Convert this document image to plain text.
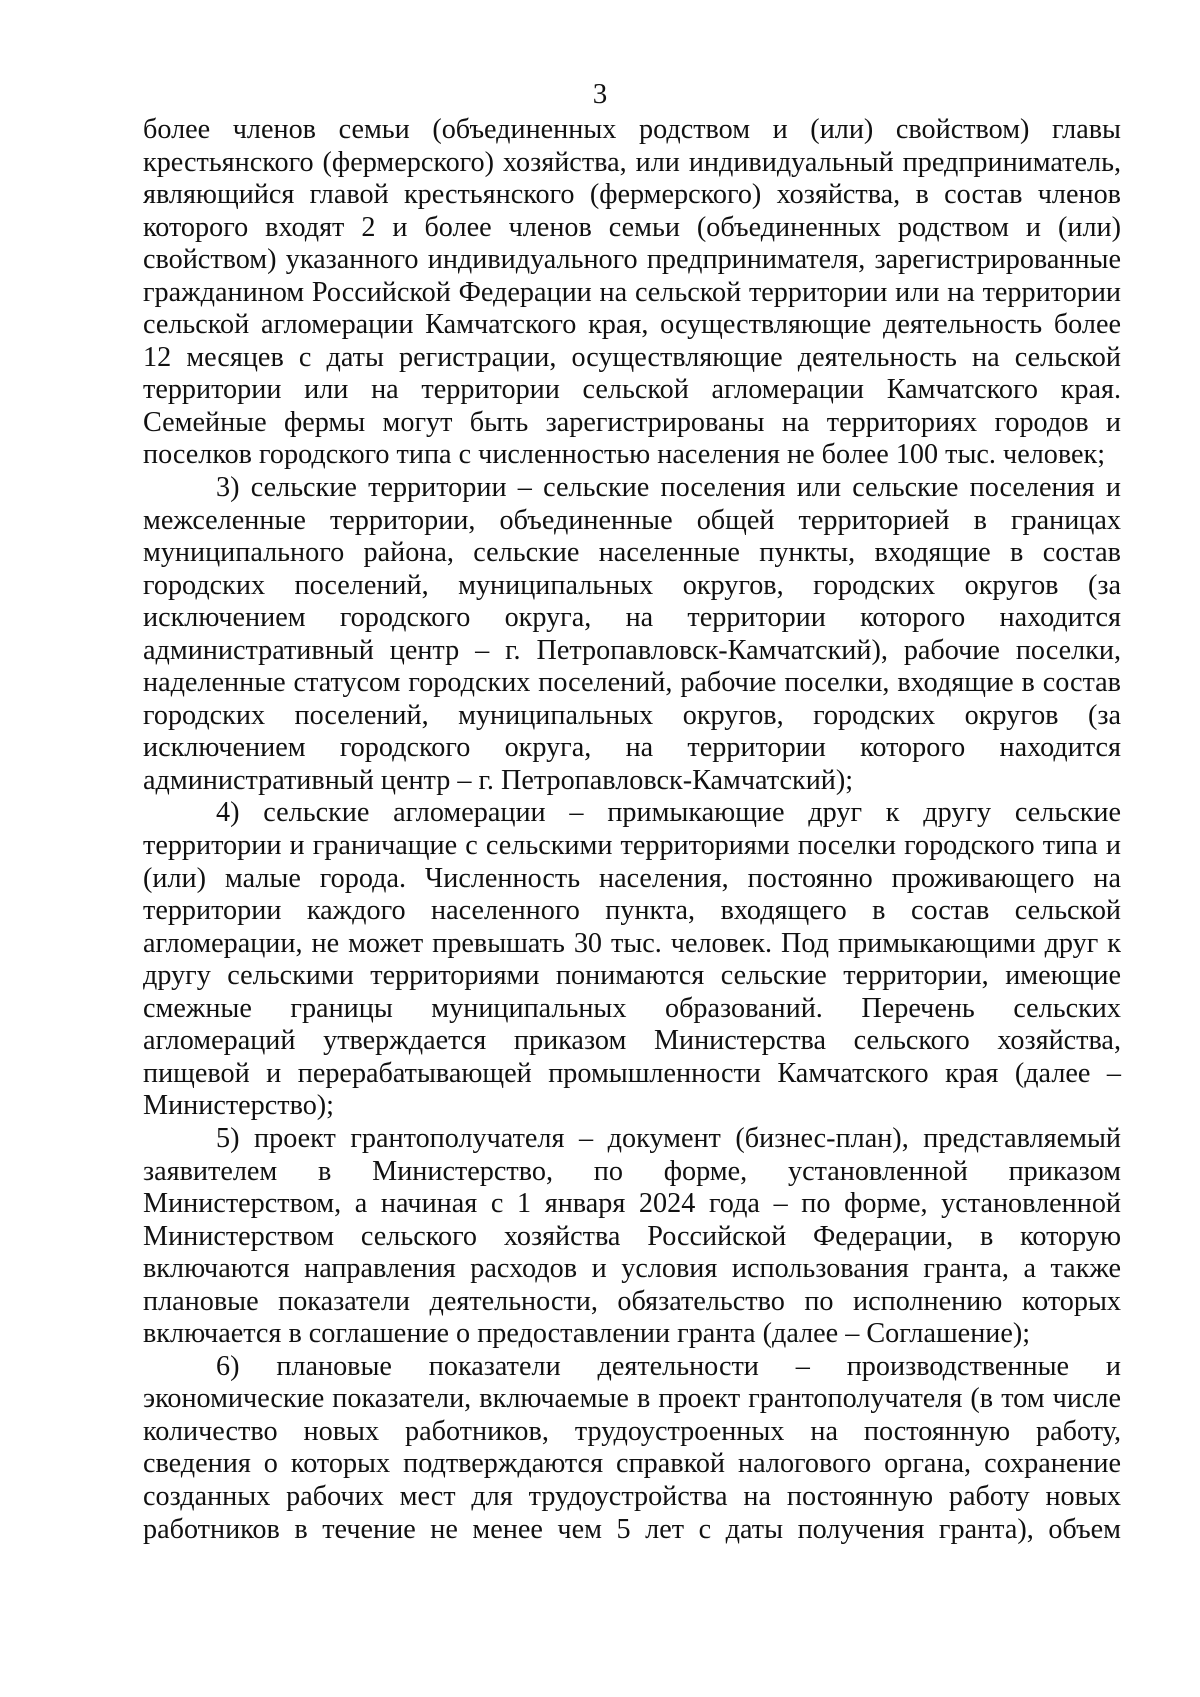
3

более членов семьи (объединенных родством и (или) свойством) главы крестьянского (фермерского) хозяйства, или индивидуальный предприниматель, являющийся главой крестьянского (фермерского) хозяйства, в состав членов которого входят 2 и более членов семьи (объединенных родством и (или) свойством) указанного индивидуального предпринимателя, зарегистрированные гражданином Российской Федерации на сельской территории или на территории сельской агломерации Камчатского края, осуществляющие деятельность более 12 месяцев с даты регистрации, осуществляющие деятельность на сельской территории или на территории сельской агломерации Камчатского края. Семейные фермы могут быть зарегистрированы на территориях городов и поселков городского типа с численностью населения не более 100 тыс. человек;

3) сельские территории – сельские поселения или сельские поселения и межселенные территории, объединенные общей территорией в границах муниципального района, сельские населенные пункты, входящие в состав городских поселений, муниципальных округов, городских округов (за исключением городского округа, на территории которого находится административный центр – г. Петропавловск-Камчатский), рабочие поселки, наделенные статусом городских поселений, рабочие поселки, входящие в состав городских поселений, муниципальных округов, городских округов (за исключением городского округа, на территории которого находится административный центр – г. Петропавловск-Камчатский);

4) сельские агломерации – примыкающие друг к другу сельские территории и граничащие с сельскими территориями поселки городского типа и (или) малые города. Численность населения, постоянно проживающего на территории каждого населенного пункта, входящего в состав сельской агломерации, не может превышать 30 тыс. человек. Под примыкающими друг к другу сельскими территориями понимаются сельские территории, имеющие смежные границы муниципальных образований. Перечень сельских агломераций утверждается приказом Министерства сельского хозяйства, пищевой и перерабатывающей промышленности Камчатского края (далее – Министерство);

5) проект грантополучателя – документ (бизнес-план), представляемый заявителем в Министерство, по форме, установленной приказом Министерством, а начиная с 1 января 2024 года – по форме, установленной Министерством сельского хозяйства Российской Федерации, в которую включаются направления расходов и условия использования гранта, а также плановые показатели деятельности, обязательство по исполнению которых включается в соглашение о предоставлении гранта (далее – Соглашение);

6) плановые показатели деятельности – производственные и экономические показатели, включаемые в проект грантополучателя (в том числе количество новых работников, трудоустроенных на постоянную работу, сведения о которых подтверждаются справкой налогового органа, сохранение созданных рабочих мест для трудоустройства на постоянную работу новых работников в течение не менее чем 5 лет с даты получения гранта), объем
